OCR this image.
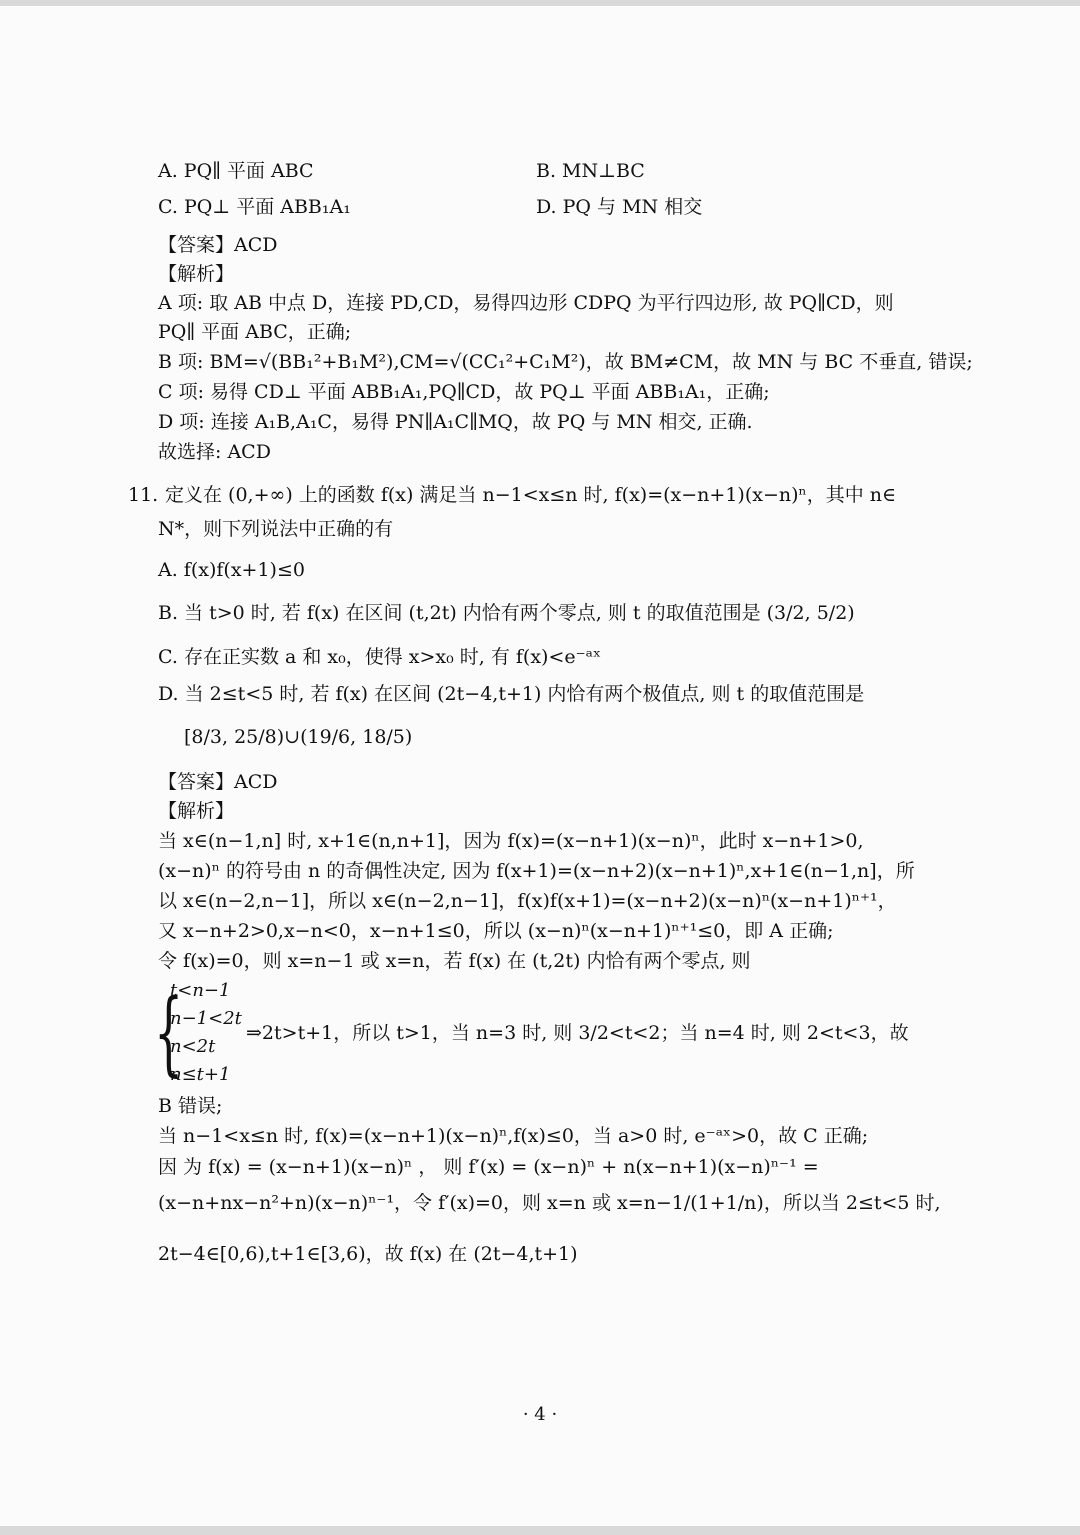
A. PQ∥ 平面 ABC	B. MN⊥BC
C. PQ⊥ 平面 ABB₁A₁	D. PQ 与 MN 相交
【答案】ACD
【解析】
A 项: 取 AB 中点 D，连接 PD,CD，易得四边形 CDPQ 为平行四边形, 故 PQ∥CD，则
PQ∥ 平面 ABC，正确;
B 项: BM=√(BB₁²+B₁M²),CM=√(CC₁²+C₁M²)，故 BM≠CM，故 MN 与 BC 不垂直, 错误;
C 项: 易得 CD⊥ 平面 ABB₁A₁,PQ∥CD，故 PQ⊥ 平面 ABB₁A₁，正确;
D 项: 连接 A₁B,A₁C，易得 PN∥A₁C∥MQ，故 PQ 与 MN 相交, 正确.
故选择: ACD
11. 定义在 (0,+∞) 上的函数 f(x) 满足当 n−1<x≤n 时, f(x)=(x−n+1)(x−n)ⁿ，其中 n∈
N*，则下列说法中正确的有
A. f(x)f(x+1)≤0
B. 当 t>0 时, 若 f(x) 在区间 (t,2t) 内恰有两个零点, 则 t 的取值范围是 (3/2, 5/2)
C. 存在正实数 a 和 x₀，使得 x>x₀ 时, 有 f(x)<e⁻ᵃˣ
D. 当 2≤t<5 时, 若 f(x) 在区间 (2t−4,t+1) 内恰有两个极值点, 则 t 的取值范围是
[8/3, 25/8)∪(19/6, 18/5)
【答案】ACD
【解析】
当 x∈(n−1,n] 时, x+1∈(n,n+1]，因为 f(x)=(x−n+1)(x−n)ⁿ，此时 x−n+1>0,
(x−n)ⁿ 的符号由 n 的奇偶性决定, 因为 f(x+1)=(x−n+2)(x−n+1)ⁿ,x+1∈(n−1,n]，所
以 x∈(n−2,n−1]，所以 x∈(n−2,n−1]，f(x)f(x+1)=(x−n+2)(x−n)ⁿ(x−n+1)ⁿ⁺¹，
又 x−n+2>0,x−n<0，x−n+1≤0，所以 (x−n)ⁿ(x−n+1)ⁿ⁺¹≤0，即 A 正确;
令 f(x)=0，则 x=n−1 或 x=n，若 f(x) 在 (t,2t) 内恰有两个零点, 则
{
t<n−1
n−1<2t
n<2t
n≤t+1
⇒2t>t+1，所以 t>1，当 n=3 时, 则 3/2<t<2；当 n=4 时, 则 2<t<3，故
B 错误;
当 n−1<x≤n 时, f(x)=(x−n+1)(x−n)ⁿ,f(x)≤0，当 a>0 时, e⁻ᵃˣ>0，故 C 正确;
因 为 f(x) = (x−n+1)(x−n)ⁿ ， 则 f′(x) = (x−n)ⁿ + n(x−n+1)(x−n)ⁿ⁻¹ =
(x−n+nx−n²+n)(x−n)ⁿ⁻¹，令 f′(x)=0，则 x=n 或 x=n−1/(1+1/n)，所以当 2≤t<5 时,
2t−4∈[0,6),t+1∈[3,6)，故 f(x) 在 (2t−4,t+1)
· 4 ·
